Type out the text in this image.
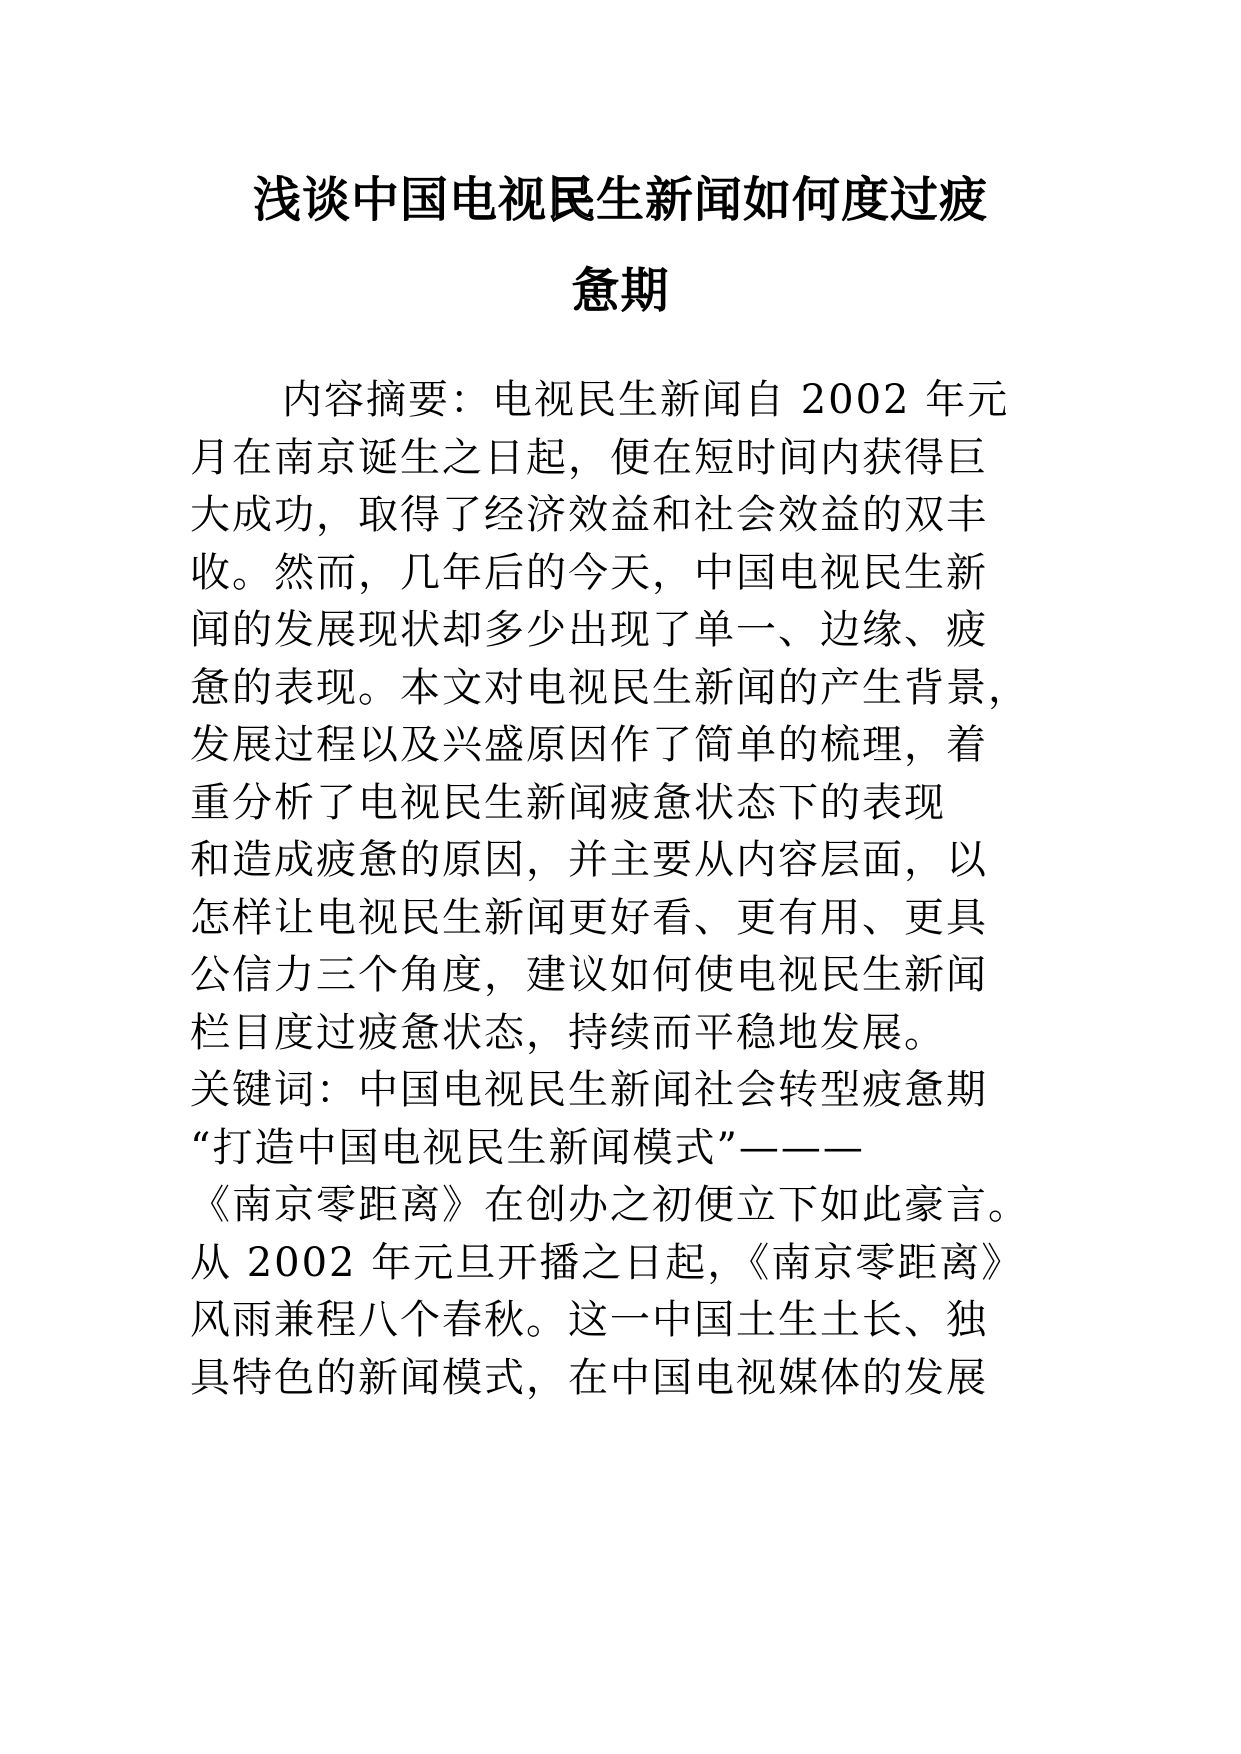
浅谈中国电视民生新闻如何度过疲
惫期

内容摘要：电视民生新闻自 2002 年元

月在南京诞生之日起，便在短时间内获得巨

大成功，取得了经济效益和社会效益的双丰

收。然而，几年后的今天，中国电视民生新

闻的发展现状却多少出现了单一、边缘、疲

惫的表现。本文对电视民生新闻的产生背景，

发展过程以及兴盛原因作了简单的梳理，着

重分析了电视民生新闻疲惫状态下的表现

和造成疲惫的原因，并主要从内容层面，以

怎样让电视民生新闻更好看、更有用、更具

公信力三个角度，建议如何使电视民生新闻

栏目度过疲惫状态，持续而平稳地发展。

关键词：中国电视民生新闻社会转型疲惫期

“打造中国电视民生新闻模式”———

《南京零距离》在创办之初便立下如此豪言。

从 2002 年元旦开播之日起，《南京零距离》

风雨兼程八个春秋。这一中国土生土长、独

具特色的新闻模式，在中国电视媒体的发展
